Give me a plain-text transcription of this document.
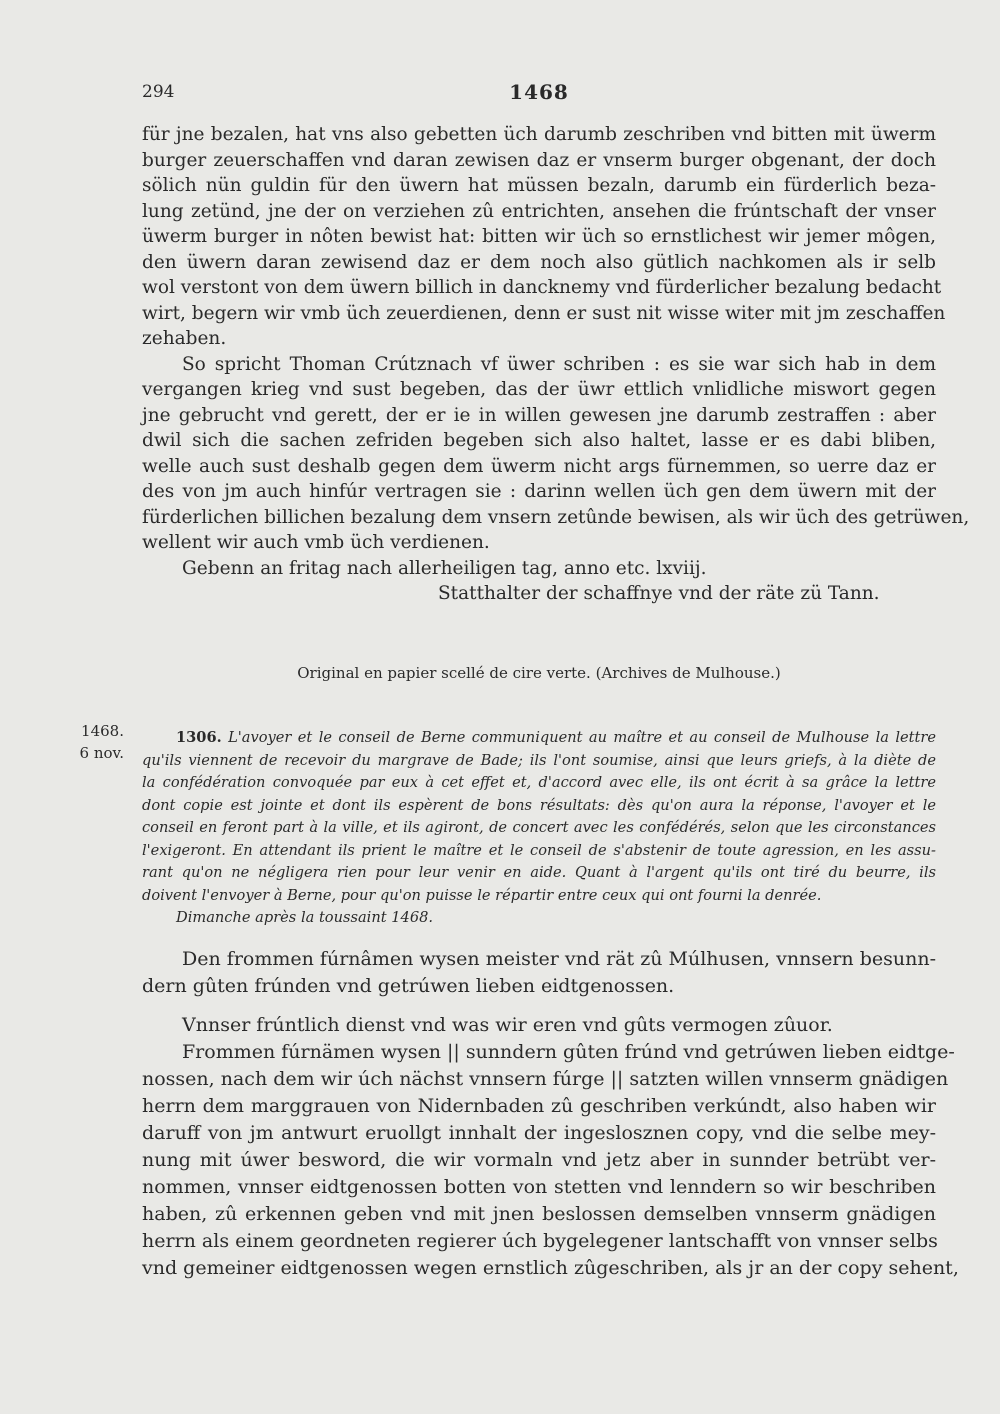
294	1468

für jne bezalen, hat vns also gebetten üch darumb zeschriben vnd bitten mit üwerm
burger zeuerschaffen vnd daran zewisen daz er vnserm burger obgenant, der doch
sölich nün guldin für den üwern hat müssen bezaln, darumb ein fürderlich beza-
lung zetünd, jne der on verziehen zû entrichten, ansehen die frúntschaft der vnser
üwerm burger in nôten bewist hat: bitten wir üch so ernstlichest wir jemer môgen,
den üwern daran zewisend daz er dem noch also gütlich nachkomen als ir selb
wol verstont von dem üwern billich in dancknemy vnd fürderlicher bezalung bedacht
wirt, begern wir vmb üch zeuerdienen, denn er sust nit wisse witer mit jm zeschaffen
zehaben.

So spricht Thoman Crútznach vf üwer schriben : es sie war sich hab in dem
vergangen krieg vnd sust begeben, das der üwr ettlich vnlidliche miswort gegen
jne gebrucht vnd gerett, der er ie in willen gewesen jne darumb zestraffen : aber
dwil sich die sachen zefriden begeben sich also haltet, lasse er es dabi bliben,
welle auch sust deshalb gegen dem üwerm nicht args fürnemmen, so uerre daz er
des von jm auch hinfúr vertragen sie : darinn wellen üch gen dem üwern mit der
fürderlichen billichen bezalung dem vnsern zetûnde bewisen, als wir üch des getrüwen,
wellent wir auch vmb üch verdienen.

Gebenn an fritag nach allerheiligen tag, anno etc. lxviij.

Statthalter der schaffnye vnd der räte zü Tann.

Original en papier scellé de cire verte. (Archives de Mulhouse.)
1468.
6 nov.
1306. L'avoyer et le conseil de Berne communiquent au maître et au conseil de Mulhouse la lettre
qu'ils viennent de recevoir du margrave de Bade; ils l'ont soumise, ainsi que leurs griefs, à la diète de
la confédération convoquée par eux à cet effet et, d'accord avec elle, ils ont écrit à sa grâce la lettre
dont copie est jointe et dont ils espèrent de bons résultats: dès qu'on aura la réponse, l'avoyer et le
conseil en feront part à la ville, et ils agiront, de concert avec les confédérés, selon que les circonstances
l'exigeront. En attendant ils prient le maître et le conseil de s'abstenir de toute agression, en les assu-
rant qu'on ne négligera rien pour leur venir en aide. Quant à l'argent qu'ils ont tiré du beurre, ils
doivent l'envoyer à Berne, pour qu'on puisse le répartir entre ceux qui ont fourni la denrée.
Dimanche après la toussaint 1468.

Den frommen fúrnâmen wysen meister vnd rät zû Múlhusen, vnnsern besunn-
dern gûten frúnden vnd getrúwen lieben eidtgenossen.

Vnnser frúntlich dienst vnd was wir eren vnd gûts vermogen zûuor.

Frommen fúrnämen wysen || sunndern gûten frúnd vnd getrúwen lieben eidtge-
nossen, nach dem wir úch nächst vnnsern fúrge || satzten willen vnnserm gnädigen
herrn dem marggrauen von Nidernbaden zû geschriben verkúndt, also haben wir
daruff von jm antwurt eruollgt innhalt der ingeslosznen copy, vnd die selbe mey-
nung mit úwer besword, die wir vormaln vnd jetz aber in sunnder betrübt ver-
nommen, vnnser eidtgenossen botten von stetten vnd lenndern so wir beschriben
haben, zû erkennen geben vnd mit jnen beslossen demselben vnnserm gnädigen
herrn als einem geordneten regierer úch bygelegener lantschafft von vnnser selbs
vnd gemeiner eidtgenossen wegen ernstlich zûgeschriben, als jr an der copy sehent,
